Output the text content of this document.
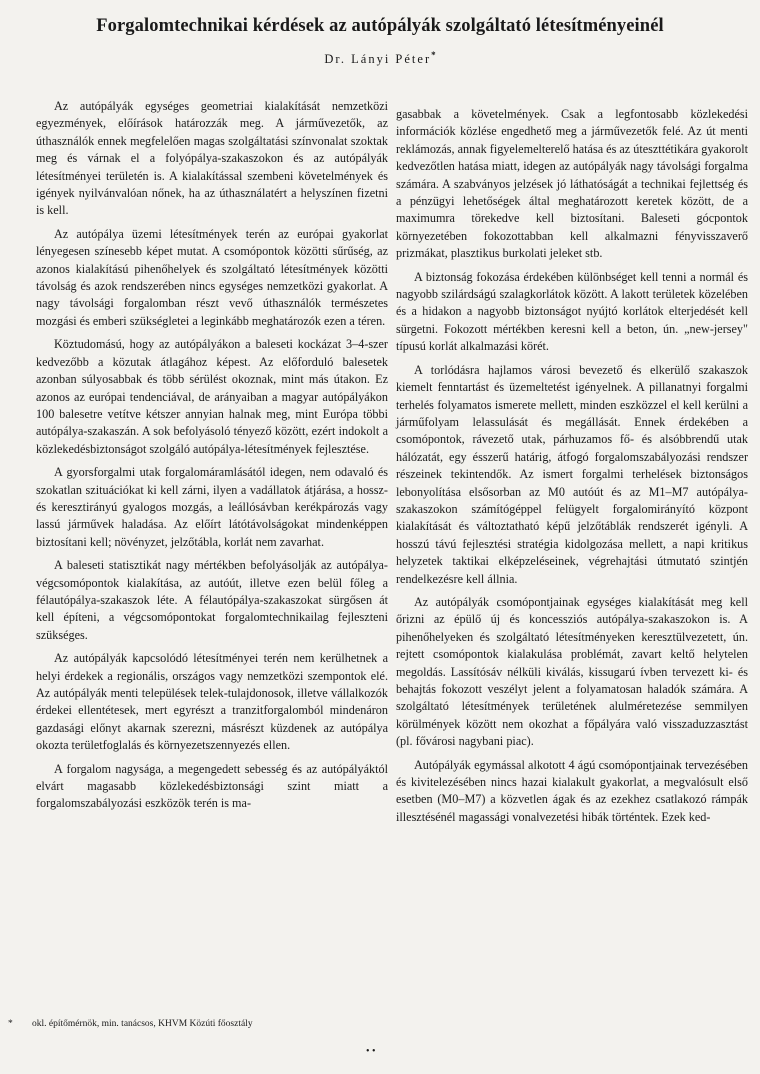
Forgalomtechnikai kérdések az autópályák szolgáltató létesítményeinél

Dr. Lányi Péter*

Az autópályák egységes geometriai kialakítását nemzetközi egyezmények, előírások határozzák meg. A járművezetők, az úthasználók ennek megfelelően magas szolgáltatási színvonalat szoktak meg és várnak el a folyópálya-szakaszokon és az autópályák létesítményei területén is. A kialakítással szembeni követelmények és igények nyilvánvalóan nőnek, ha az úthasználatért a helyszínen fizetni is kell.

Az autópálya üzemi létesítmények terén az európai gyakorlat lényegesen színesebb képet mutat. A csomópontok közötti sűrűség, az azonos kialakítású pihenőhelyek és szolgáltató létesítmények közötti távolság és azok rendszerében nincs egységes nemzetközi gyakorlat. A nagy távolsági forgalomban részt vevő úthasználók természetes mozgási és emberi szükségletei a leginkább meghatározók ezen a téren.

Köztudomású, hogy az autópályákon a baleseti kockázat 3–4-szer kedvezőbb a közutak átlagához képest. Az előforduló balesetek azonban súlyosabbak és több sérülést okoznak, mint más útakon. Ez azonos az európai tendenciával, de arányaiban a magyar autópályákon 100 balesetre vetítve kétszer annyian halnak meg, mint Európa többi autópálya-szakaszán. A sok befolyásoló tényező között, ezért indokolt a közlekedésbiztonságot szolgáló autópálya-létesítmények fejlesztése.

A gyorsforgalmi utak forgalomáramlásától idegen, nem odavaló és szokatlan szituációkat ki kell zárni, ilyen a vadállatok átjárása, a hossz- és keresztirányú gyalogos mozgás, a leállósávban kerékpározás vagy lassú járművek haladása. Az előírt látótávolságokat mindenképpen biztosítani kell; növényzet, jelzőtábla, korlát nem zavarhat.

A baleseti statisztikát nagy mértékben befolyásolják az autópálya-végcsomópontok kialakítása, az autóút, illetve ezen belül főleg a félautópálya-szakaszok léte. A félautópálya-szakaszokat sürgősen át kell építeni, a végcsomópontokat forgalomtechnikailag fejleszteni szükséges.

Az autópályák kapcsolódó létesítményei terén nem kerülhetnek a helyi érdekek a regionális, országos vagy nemzetközi szempontok elé. Az autópályák menti települések telek-tulajdonosok, illetve vállalkozók érdekei ellentétesek, mert egyrészt a tranzitforgalomból mindenáron gazdasági előnyt akarnak szerezni, másrészt küzdenek az autópálya okozta területfoglalás és környezetszennyezés ellen.

A forgalom nagysága, a megengedett sebesség és az autópályáktól elvárt magasabb közlekedésbiztonsági szint miatt a forgalomszabályozási eszközök terén is ma-

gasabbak a követelmények. Csak a legfontosabb közlekedési információk közlése engedhető meg a járművezetők felé. Az út menti reklámozás, annak figyelemelterelő hatása és az úteszttétikára gyakorolt kedvezőtlen hatása miatt, idegen az autópályák nagy távolsági forgalma számára. A szabványos jelzések jó láthatóságát a technikai fejlettség és a pénzügyi lehetőségek által meghatározott keretek között, de a maximumra törekedve kell biztosítani. Baleseti gócpontok környezetében fokozottabban kell alkalmazni fényvisszaverő prizmákat, plasztikus burkolati jeleket stb.

A biztonság fokozása érdekében különbséget kell tenni a normál és nagyobb szilárdságú szalagkorlátok között. A lakott területek közelében és a hidakon a nagyobb biztonságot nyújtó korlátok elterjedését kell sürgetni. Fokozott mértékben keresni kell a beton, ún. „new-jersey" típusú korlát alkalmazási körét.

A torlódásra hajlamos városi bevezető és elkerülő szakaszok kiemelt fenntartást és üzemeltetést igényelnek. A pillanatnyi forgalmi terhelés folyamatos ismerete mellett, minden eszközzel el kell kerülni a járműfolyam lelassulását és megállását. Ennek érdekében a csomópontok, rávezető utak, párhuzamos fő- és alsóbbrendű utak hálózatát, egy ésszerű határig, átfogó forgalomszabályozási rendszer részeinek tekintendők. Az ismert forgalmi terhelések biztonságos lebonyolítása elsősorban az M0 autóút és az M1–M7 autópálya-szakaszokon számítógéppel felügyelt forgalomirányító központ kialakítását és változtatható képű jelzőtáblák rendszerét igényli. A hosszú távú fejlesztési stratégia kidolgozása mellett, a napi kritikus helyzetek taktikai elképzeléseinek, végrehajtási útmutató szintjén rendelkezésre kell állnia.

Az autópályák csomópontjainak egységes kialakítását meg kell őrizni az épülő új és koncessziós autópálya-szakaszokon is. A pihenőhelyeken és szolgáltató létesítményeken keresztülvezetett, ún. rejtett csomópontok kialakulása problémát, zavart keltő helytelen megoldás. Lassítósáv nélküli kiválás, kissugarú ívben tervezett ki- és behajtás fokozott veszélyt jelent a folyamatosan haladók számára. A szolgáltató létesítmények területének alulméretezése semmilyen körülmények között nem okozhat a főpályára való visszaduzzasztást (pl. fővárosi nagybani piac).

Autópályák egymással alkotott 4 ágú csomópontjainak tervezésében és kivitelezésében nincs hazai kialakult gyakorlat, a megvalósult első esetben (M0–M7) a közvetlen ágak és az ezekhez csatlakozó rámpák illesztésénél magassági vonalvezetési hibák történtek. Ezek ked-

* okl. építőmérnök, min. tanácsos, KHVM Közúti főosztály

• •
